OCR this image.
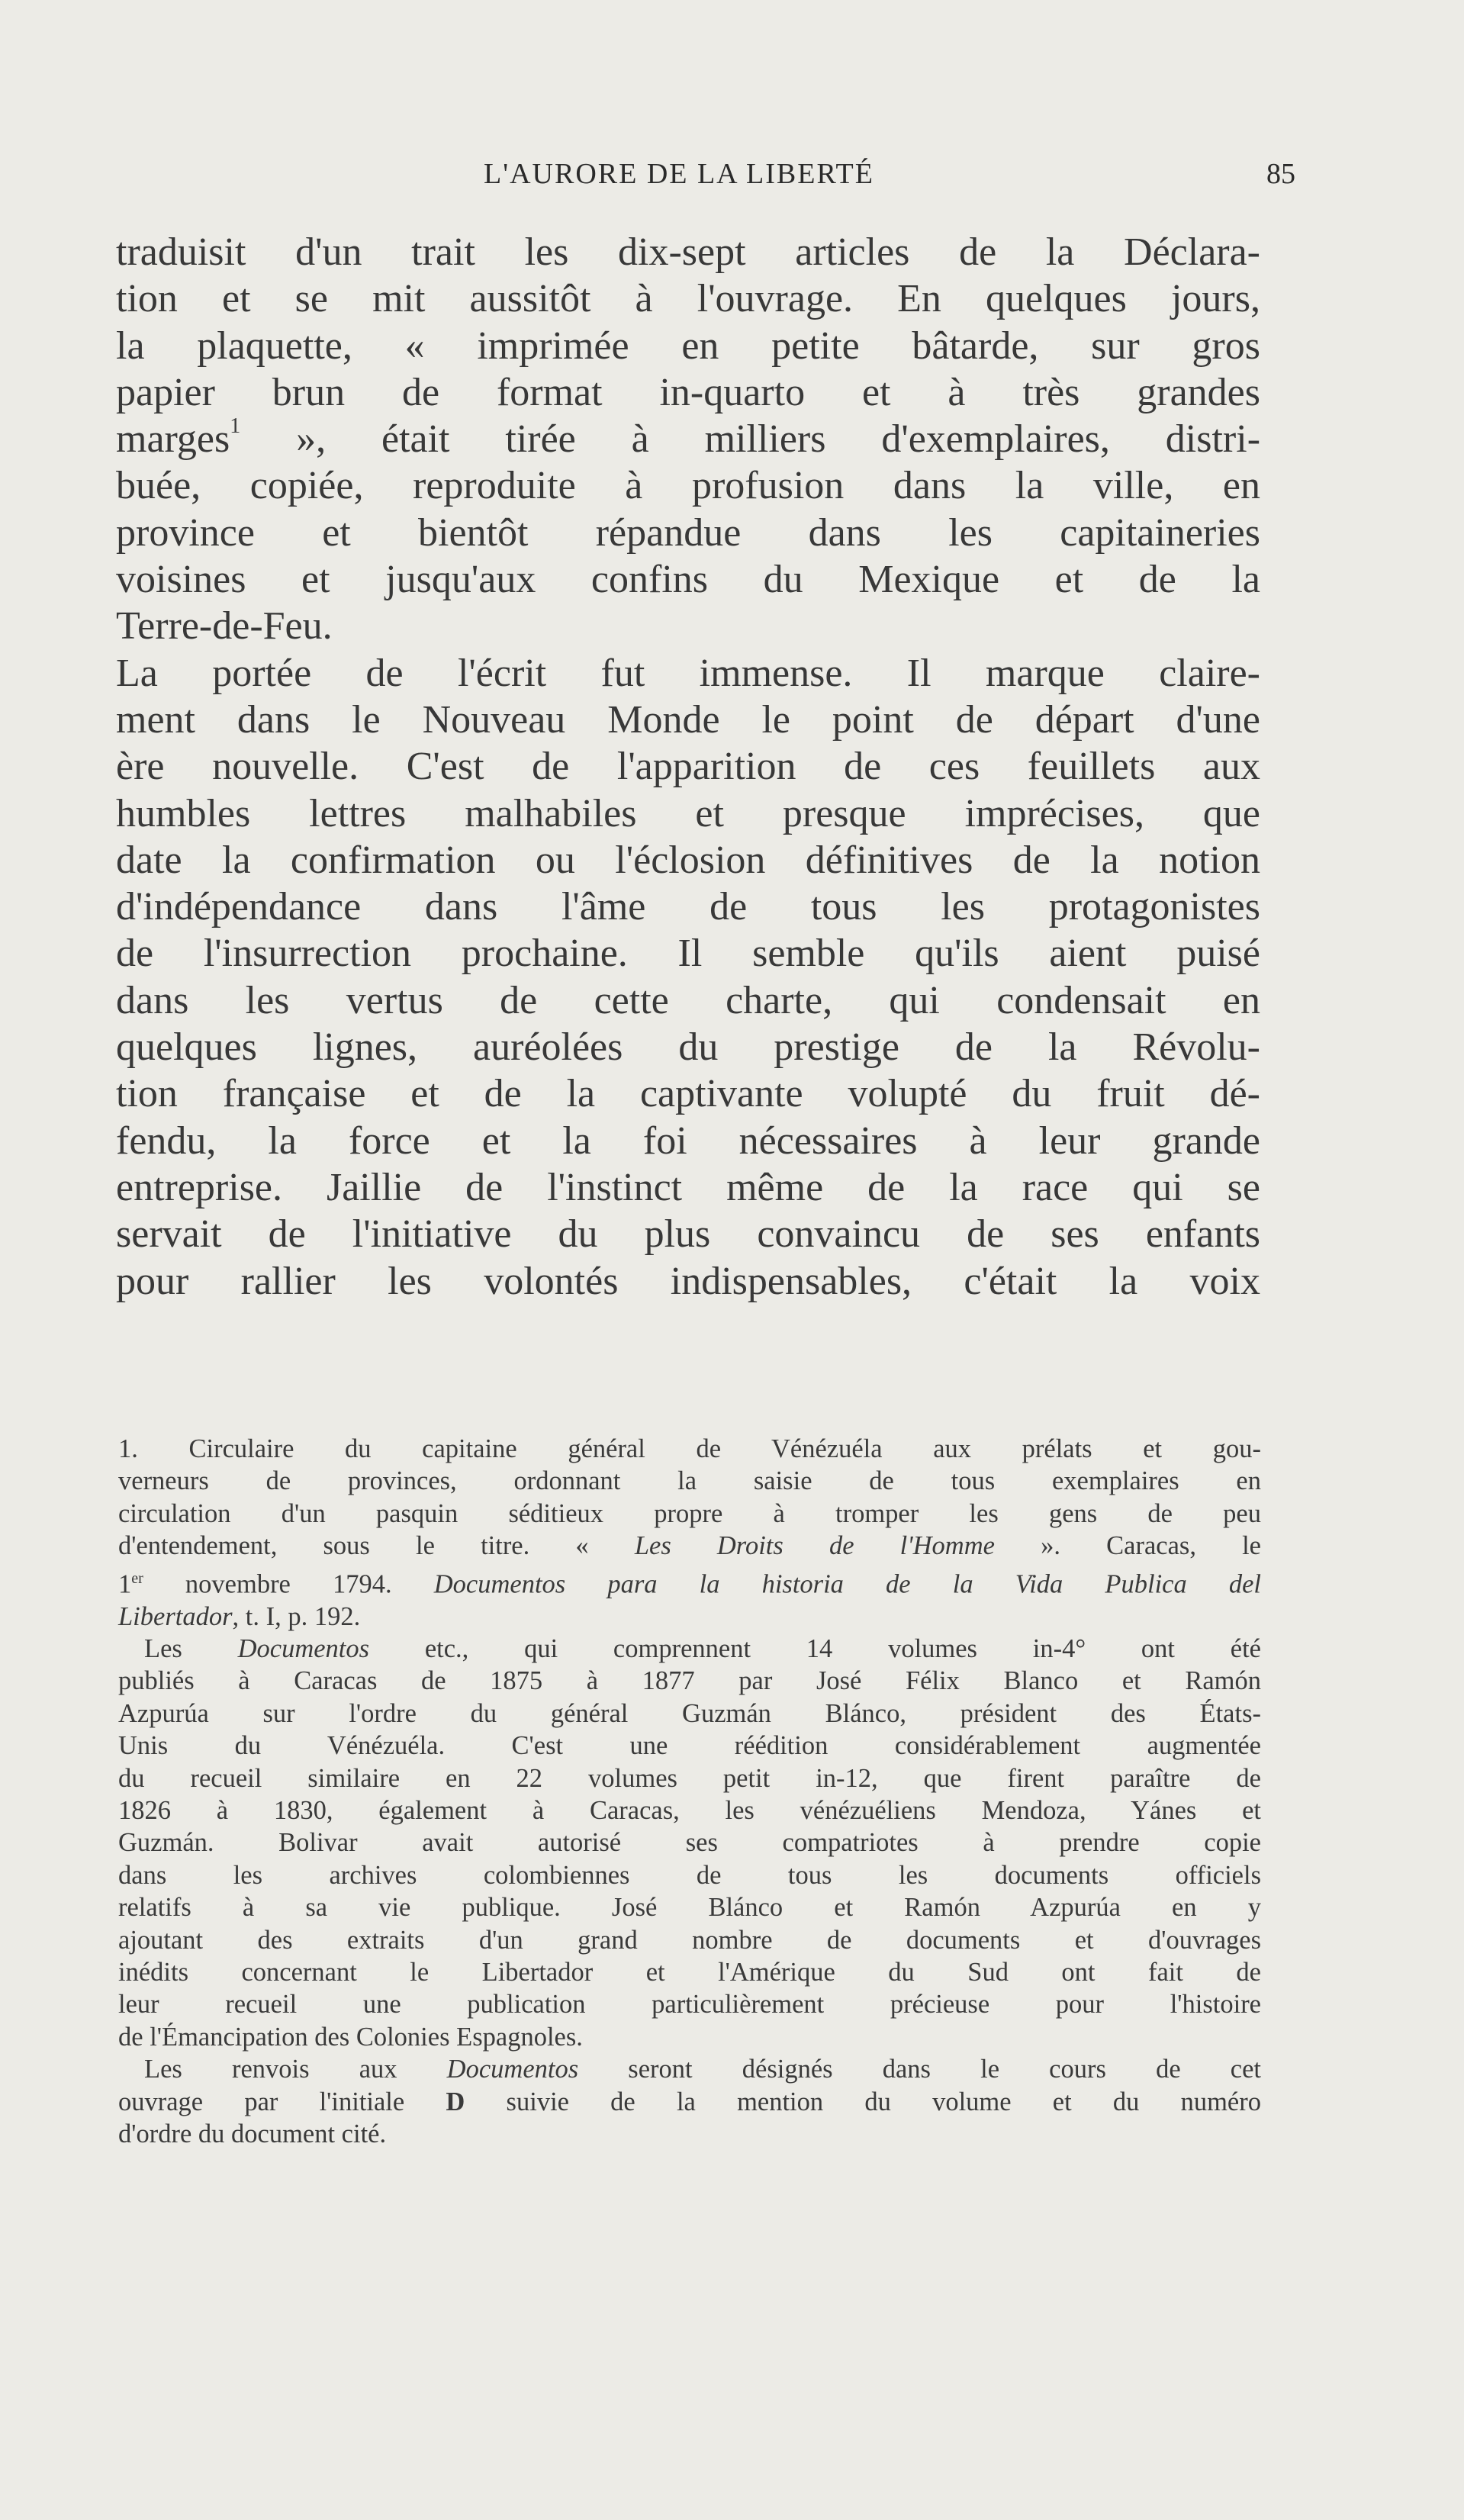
L'AURORE DE LA LIBERTÉ	85
traduisit d'un trait les dix-sept articles de la Déclara-
tion et se mit aussitôt à l'ouvrage. En quelques jours,
la plaquette, « imprimée en petite bâtarde, sur gros
papier brun de format in-quarto et à très grandes
marges$^1$ », était tirée à milliers d'exemplaires, distri-
buée, copiée, reproduite à profusion dans la ville, en
province et bientôt répandue dans les capitaineries
voisines et jusqu'aux confins du Mexique et de la
Terre-de-Feu.
La portée de l'écrit fut immense. Il marque claire-
ment dans le Nouveau Monde le point de départ d'une
ère nouvelle. C'est de l'apparition de ces feuillets aux
humbles lettres malhabiles et presque imprécises, que
date la confirmation ou l'éclosion définitives de la notion
d'indépendance dans l'âme de tous les protagonistes
de l'insurrection prochaine. Il semble qu'ils aient puisé
dans les vertus de cette charte, qui condensait en
quelques lignes, auréolées du prestige de la Révolu-
tion française et de la captivante volupté du fruit dé-
fendu, la force et la foi nécessaires à leur grande
entreprise. Jaillie de l'instinct même de la race qui se
servait de l'initiative du plus convaincu de ses enfants
pour rallier les volontés indispensables, c'était la voix
1. Circulaire du capitaine général de Vénézuéla aux prélats et gou-
verneurs de provinces, ordonnant la saisie de tous exemplaires en
circulation d'un pasquin séditieux propre à tromper les gens de peu
d'entendement, sous le titre. « Les Droits de l'Homme ». Caracas, le
1er novembre 1794. Documentos para la historia de la Vida Publica del
Libertador, t. I, p. 192.
Les Documentos etc., qui comprennent 14 volumes in-4° ont été
publiés à Caracas de 1875 à 1877 par José Félix Blanco et Ramón
Azpurúa sur l'ordre du général Guzmán Blánco, président des États-
Unis du Vénézuéla. C'est une réédition considérablement augmentée
du recueil similaire en 22 volumes petit in-12, que firent paraître de
1826 à 1830, également à Caracas, les vénézuéliens Mendoza, Yánes et
Guzmán. Bolivar avait autorisé ses compatriotes à prendre copie
dans les archives colombiennes de tous les documents officiels
relatifs à sa vie publique. José Blánco et Ramón Azpurúa en y
ajoutant des extraits d'un grand nombre de documents et d'ouvrages
inédits concernant le Libertador et l'Amérique du Sud ont fait de
leur recueil une publication particulièrement précieuse pour l'histoire
de l'Émancipation des Colonies Espagnoles.
Les renvois aux Documentos seront désignés dans le cours de cet
ouvrage par l'initiale D suivie de la mention du volume et du numéro
d'ordre du document cité.
